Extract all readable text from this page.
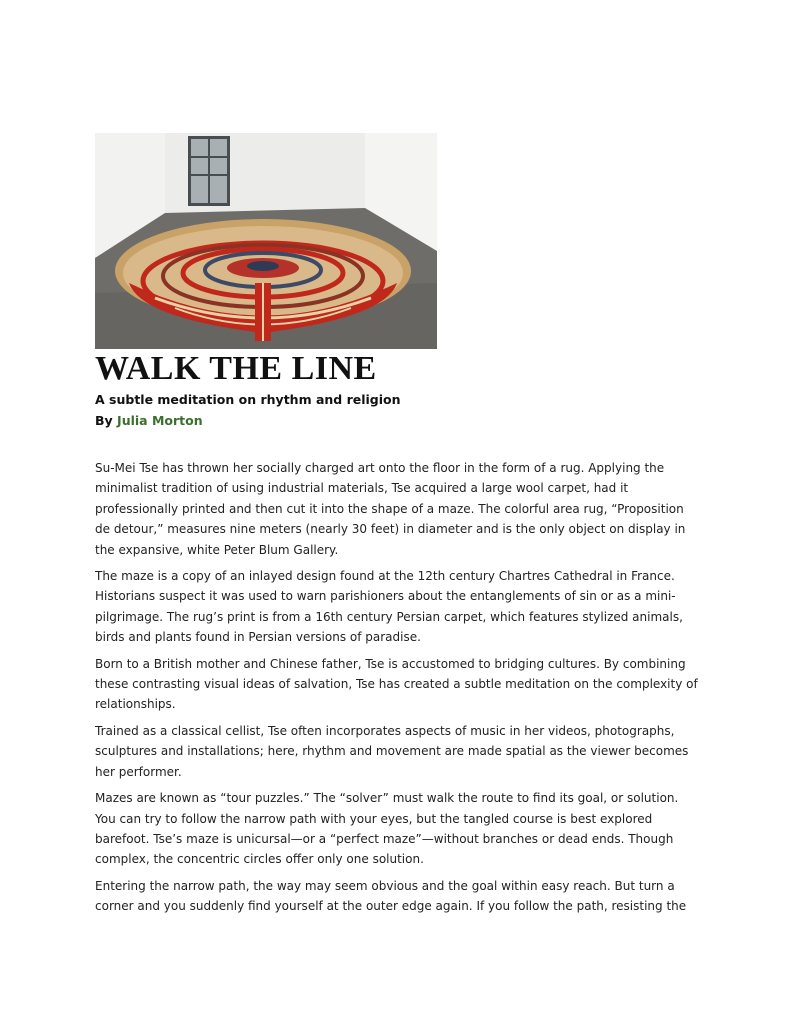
WALK THE LINE
A subtle meditation on rhythm and religion
By Julia Morton

Su-Mei Tse has thrown her socially charged art onto the floor in the form of a rug. Applying the minimalist tradition of using industrial materials, Tse acquired a large wool carpet, had it professionally printed and then cut it into the shape of a maze. The colorful area rug, “Proposition de detour,” measures nine meters (nearly 30 feet) in diameter and is the only object on display in the expansive, white Peter Blum Gallery.

The maze is a copy of an inlayed design found at the 12th century Chartres Cathedral in France. Historians suspect it was used to warn parishioners about the entanglements of sin or as a mini-pilgrimage. The rug’s print is from a 16th century Persian carpet, which features stylized animals, birds and plants found in Persian versions of paradise.

Born to a British mother and Chinese father, Tse is accustomed to bridging cultures. By combining these contrasting visual ideas of salvation, Tse has created a subtle meditation on the complexity of relationships.

Trained as a classical cellist, Tse often incorporates aspects of music in her videos, photographs, sculptures and installations; here, rhythm and movement are made spatial as the viewer becomes her performer.

Mazes are known as “tour puzzles.” The “solver” must walk the route to find its goal, or solution. You can try to follow the narrow path with your eyes, but the tangled course is best explored barefoot. Tse’s maze is unicursal—or a “perfect maze”—without branches or dead ends. Though complex, the concentric circles offer only one solution.

Entering the narrow path, the way may seem obvious and the goal within easy reach. But turn a corner and you suddenly find yourself at the outer edge again. If you follow the path, resisting the
